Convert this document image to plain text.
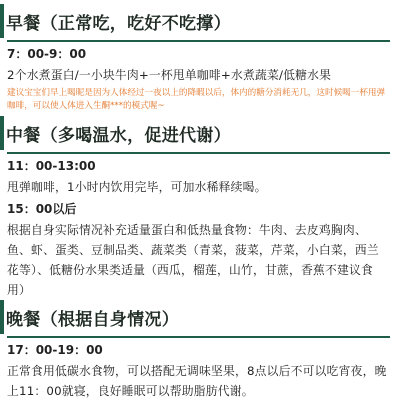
早餐（正常吃，吃好不吃撑）
7：00-9：00
2个水煮蛋白/一小块牛肉+一杯甩单咖啡+水煮蔬菜/低糖水果
建议宝宝们早上喝昵是因为人体经过一夜以上的降暇以后，体内的糖分消耗无几，这时候喝一杯甩弹咖啡，可以使人体进入生酮***的模式喔~
中餐（多喝温水，促进代谢）
11：00-13:00
甩弹咖啡，1小时内饮用完毕，可加水稀释续喝。
15：00以后
根据自身实际情况补充适量蛋白和低热量食物：牛肉、去皮鸡胸肉、鱼、虾、蛋类、豆制品类、蔬菜类（青菜，菠菜，芹菜，小白菜，西兰花等）、低糖份水果类适量（西瓜，榴莲，山竹，甘蔗，香蕉不建议食用）
晚餐（根据自身情况）
17：00-19：00
正常食用低碳水食物，可以搭配无调味坚果，8点以后不可以吃宵夜，晚上11：00就寝，良好睡眠可以帮助脂肪代谢。
